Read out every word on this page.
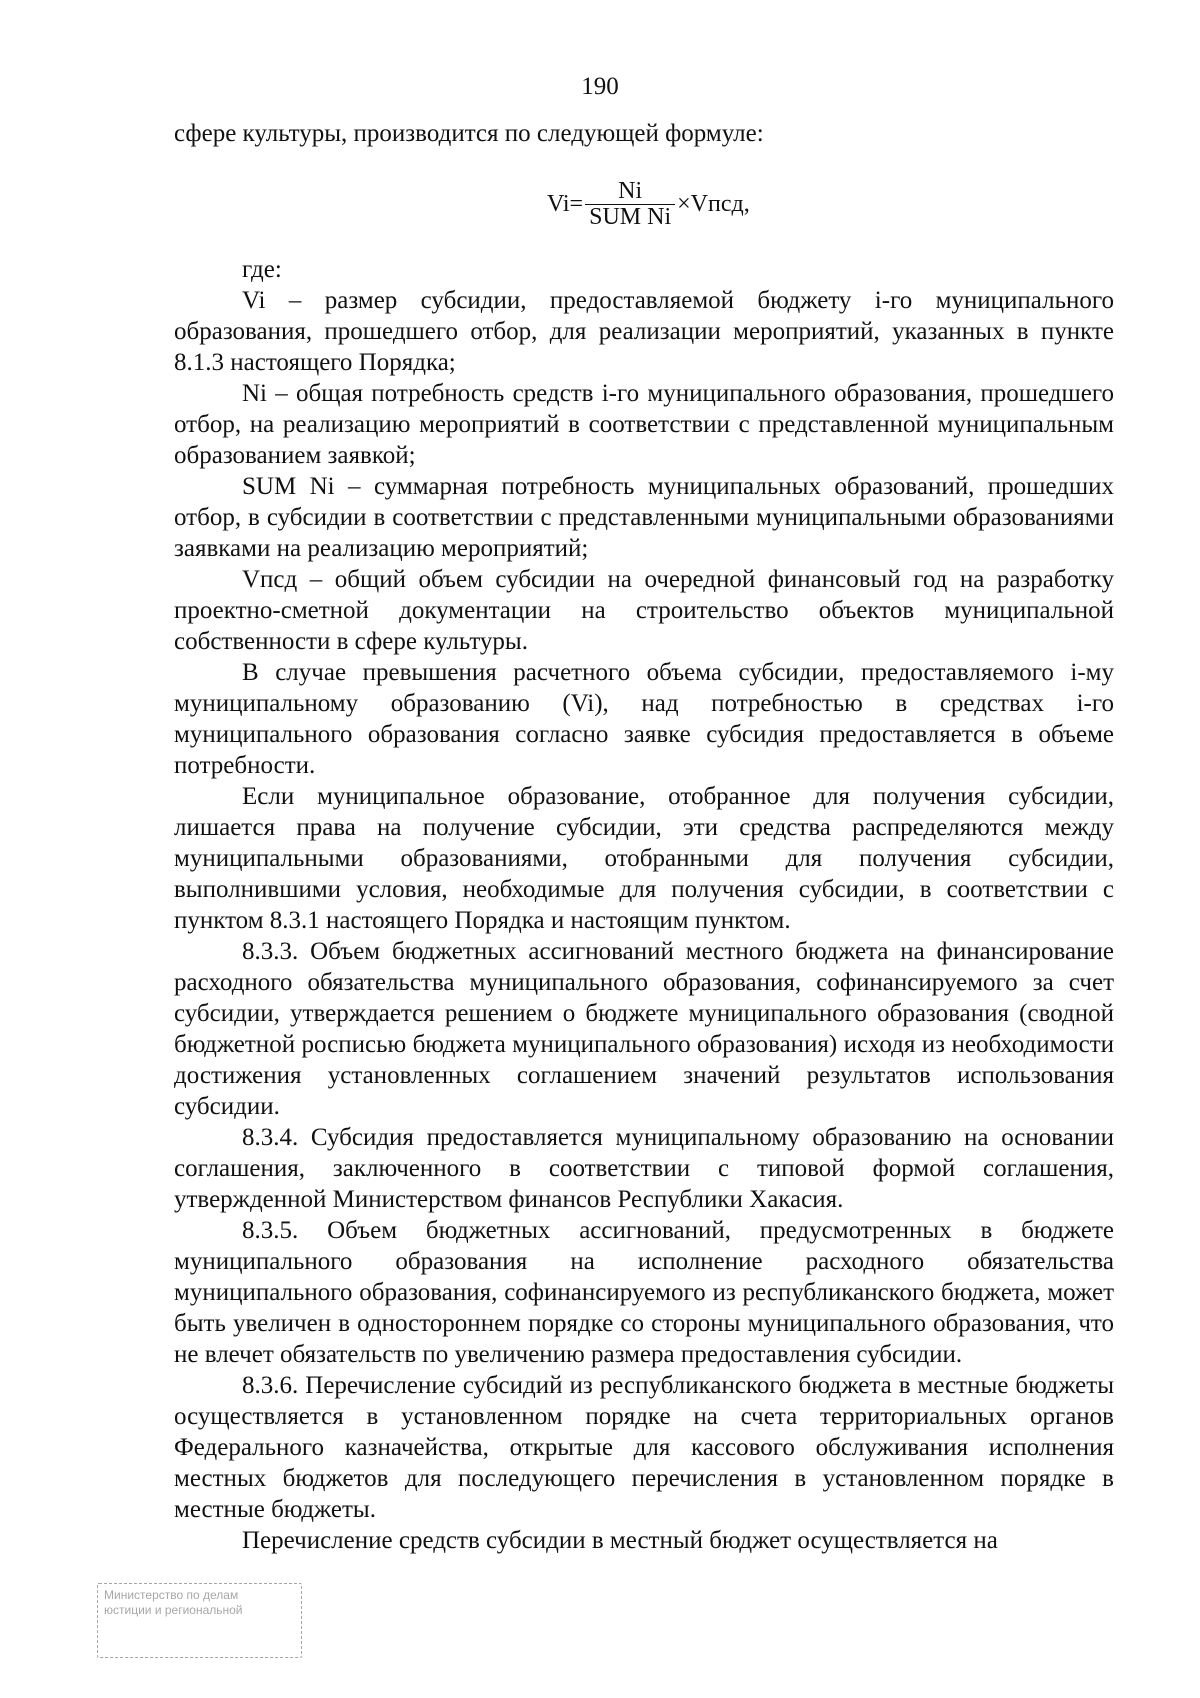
190

сфере культуры, производится по следующей формуле:

$Vi= \frac{Ni}{\text{SUM Ni}}$ ×Vпсд,

где:

Vi – размер субсидии, предоставляемой бюджету i-го муниципального образования, прошедшего отбор, для реализации мероприятий, указанных в пункте 8.1.3 настоящего Порядка;

Ni – общая потребность средств i-го муниципального образования, прошедшего отбор, на реализацию мероприятий в соответствии с представленной муниципальным образованием заявкой;

SUM Ni – суммарная потребность муниципальных образований, прошедших отбор, в субсидии в соответствии с представленными муниципальными образованиями заявками на реализацию мероприятий;

Vпсд – общий объем субсидии на очередной финансовый год на разработку проектно-сметной документации на строительство объектов муниципальной собственности в сфере культуры.

В случае превышения расчетного объема субсидии, предоставляемого i-му муниципальному образованию (Vi), над потребностью в средствах i-го муниципального образования согласно заявке субсидия предоставляется в объеме потребности.

Если муниципальное образование, отобранное для получения субсидии, лишается права на получение субсидии, эти средства распределяются между муниципальными образованиями, отобранными для получения субсидии, выполнившими условия, необходимые для получения субсидии, в соответствии с пунктом 8.3.1 настоящего Порядка и настоящим пунктом.

8.3.3. Объем бюджетных ассигнований местного бюджета на финансирование расходного обязательства муниципального образования, софинансируемого за счет субсидии, утверждается решением о бюджете муниципального образования (сводной бюджетной росписью бюджета муниципального образования) исходя из необходимости достижения установленных соглашением значений результатов использования субсидии.

8.3.4. Субсидия предоставляется муниципальному образованию на основании соглашения, заключенного в соответствии с типовой формой соглашения, утвержденной Министерством финансов Республики Хакасия.

8.3.5. Объем бюджетных ассигнований, предусмотренных в бюджете муниципального образования на исполнение расходного обязательства муниципального образования, софинансируемого из республиканского бюджета, может быть увеличен в одностороннем порядке со стороны муниципального образования, что не влечет обязательств по увеличению размера предоставления субсидии.

8.3.6. Перечисление субсидий из республиканского бюджета в местные бюджеты осуществляется в установленном порядке на счета территориальных органов Федерального казначейства, открытые для кассового обслуживания исполнения местных бюджетов для последующего перечисления в установленном порядке в местные бюджеты.

Перечисление средств субсидии в местный бюджет осуществляется на

Министерство по делам
юстиции и региональной
